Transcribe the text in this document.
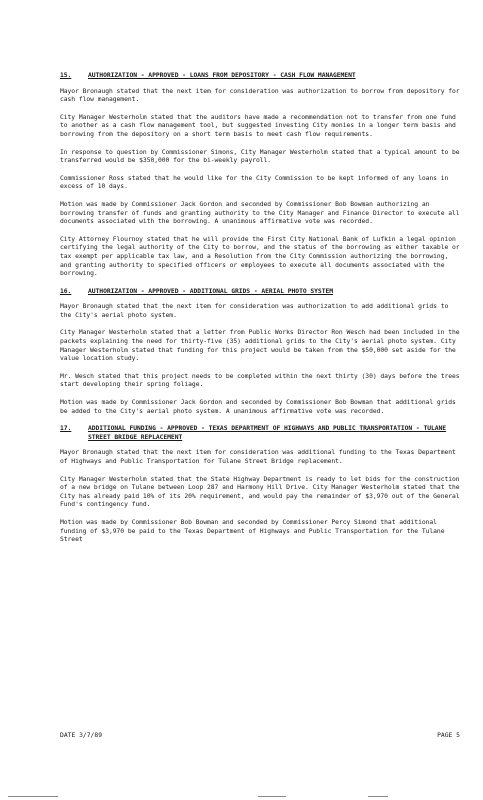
15.	AUTHORIZATION - APPROVED - LOANS FROM DEPOSITORY - CASH FLOW MANAGEMENT

Mayor Bronaugh stated that the next item for consideration was authorization to borrow from depository for cash flow management.

City Manager Westerholm stated that the auditors have made a recommendation not to transfer from one fund to another as a cash flow management tool, but suggested investing City monies in a longer term basis and borrowing from the depository on a short term basis to meet cash flow requirements.

In response to question by Commissioner Simons, City Manager Westerholm stated that a typical amount to be transferred would be $350,000 for the bi-weekly payroll.

Commissioner Ross stated that he would like for the City Commission to be kept informed of any loans in excess of 10 days.

Motion was made by Commissioner Jack Gordon and seconded by Commissioner Bob Bowman authorizing an borrowing transfer of funds and granting authority to the City Manager and Finance Director to execute all documents associated with the borrowing. A unanimous affirmative vote was recorded.

City Attorney Flournoy stated that he will provide the First City National Bank of Lufkin a legal opinion certifying the legal authority of the City to borrow, and the status of the borrowing as either taxable or tax exempt per applicable tax law, and a Resolution from the City Commission authorizing the borrowing, and granting authority to specified officers or employees to execute all documents associated with the borrowing.

16.	AUTHORIZATION - APPROVED - ADDITIONAL GRIDS - AERIAL PHOTO SYSTEM

Mayor Bronaugh stated that the next item for consideration was authorization to add additional grids to the City's aerial photo system.

City Manager Westerholm stated that a letter from Public Works Director Ron Wesch had been included in the packets explaining the need for thirty-five (35) additional grids to the City's aerial photo system. City Manager Westerholm stated that funding for this project would be taken from the $50,000 set aside for the value location study.

Mr. Wesch stated that this project needs to be completed within the next thirty (30) days before the trees start developing their spring foliage.

Motion was made by Commissioner Jack Gordon and seconded by Commissioner Bob Bowman that additional grids be added to the City's aerial photo system. A unanimous affirmative vote was recorded.

17.	ADDITIONAL FUNDING - APPROVED - TEXAS DEPARTMENT OF HIGHWAYS AND PUBLIC TRANSPORTATION - TULANE STREET BRIDGE REPLACEMENT

Mayor Bronaugh stated that the next item for consideration was additional funding to the Texas Department of Highways and Public Transportation for Tulane Street Bridge replacement.

City Manager Westerholm stated that the State Highway Department is ready to let bids for the construction of a new bridge on Tulane between Loop 287 and Harmony Hill Drive. City Manager Westerholm stated that the City has already paid 10% of its 20% requirement, and would pay the remainder of $3,970 out of the General Fund's contingency fund.

Motion was made by Commissioner Bob Bowman and seconded by Commissioner Percy Simond that additional funding of $3,970 be paid to the Texas Department of Highways and Public Transportation for the Tulane Street

DATE 3/7/89	PAGE 5
